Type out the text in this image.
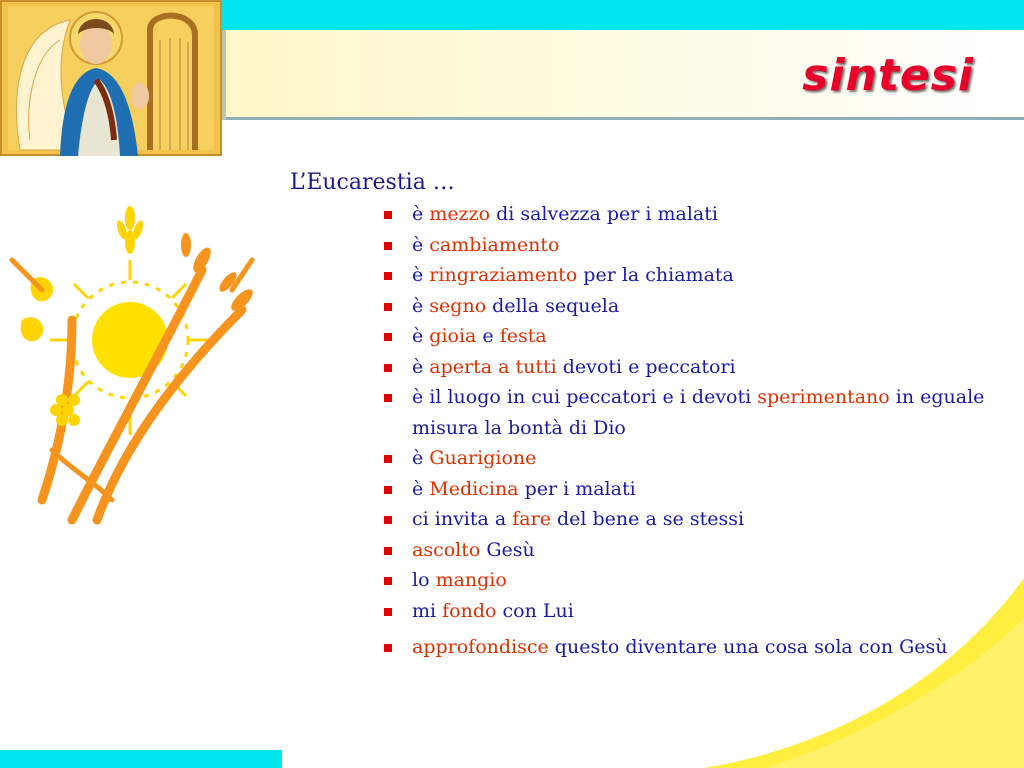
sintesi
L’Eucarestia …
è mezzo di salvezza per i malati
è cambiamento
è ringraziamento per la chiamata
è segno della sequela
è gioia e festa
è aperta a tutti devoti e peccatori
è il luogo in cui peccatori e i devoti sperimentano in eguale misura la bontà di Dio
è Guarigione
è Medicina per i malati
ci invita a fare del bene a se stessi
ascolto Gesù
lo mangio
mi fondo con Lui
approfondisce questo diventare una cosa sola con Gesù
